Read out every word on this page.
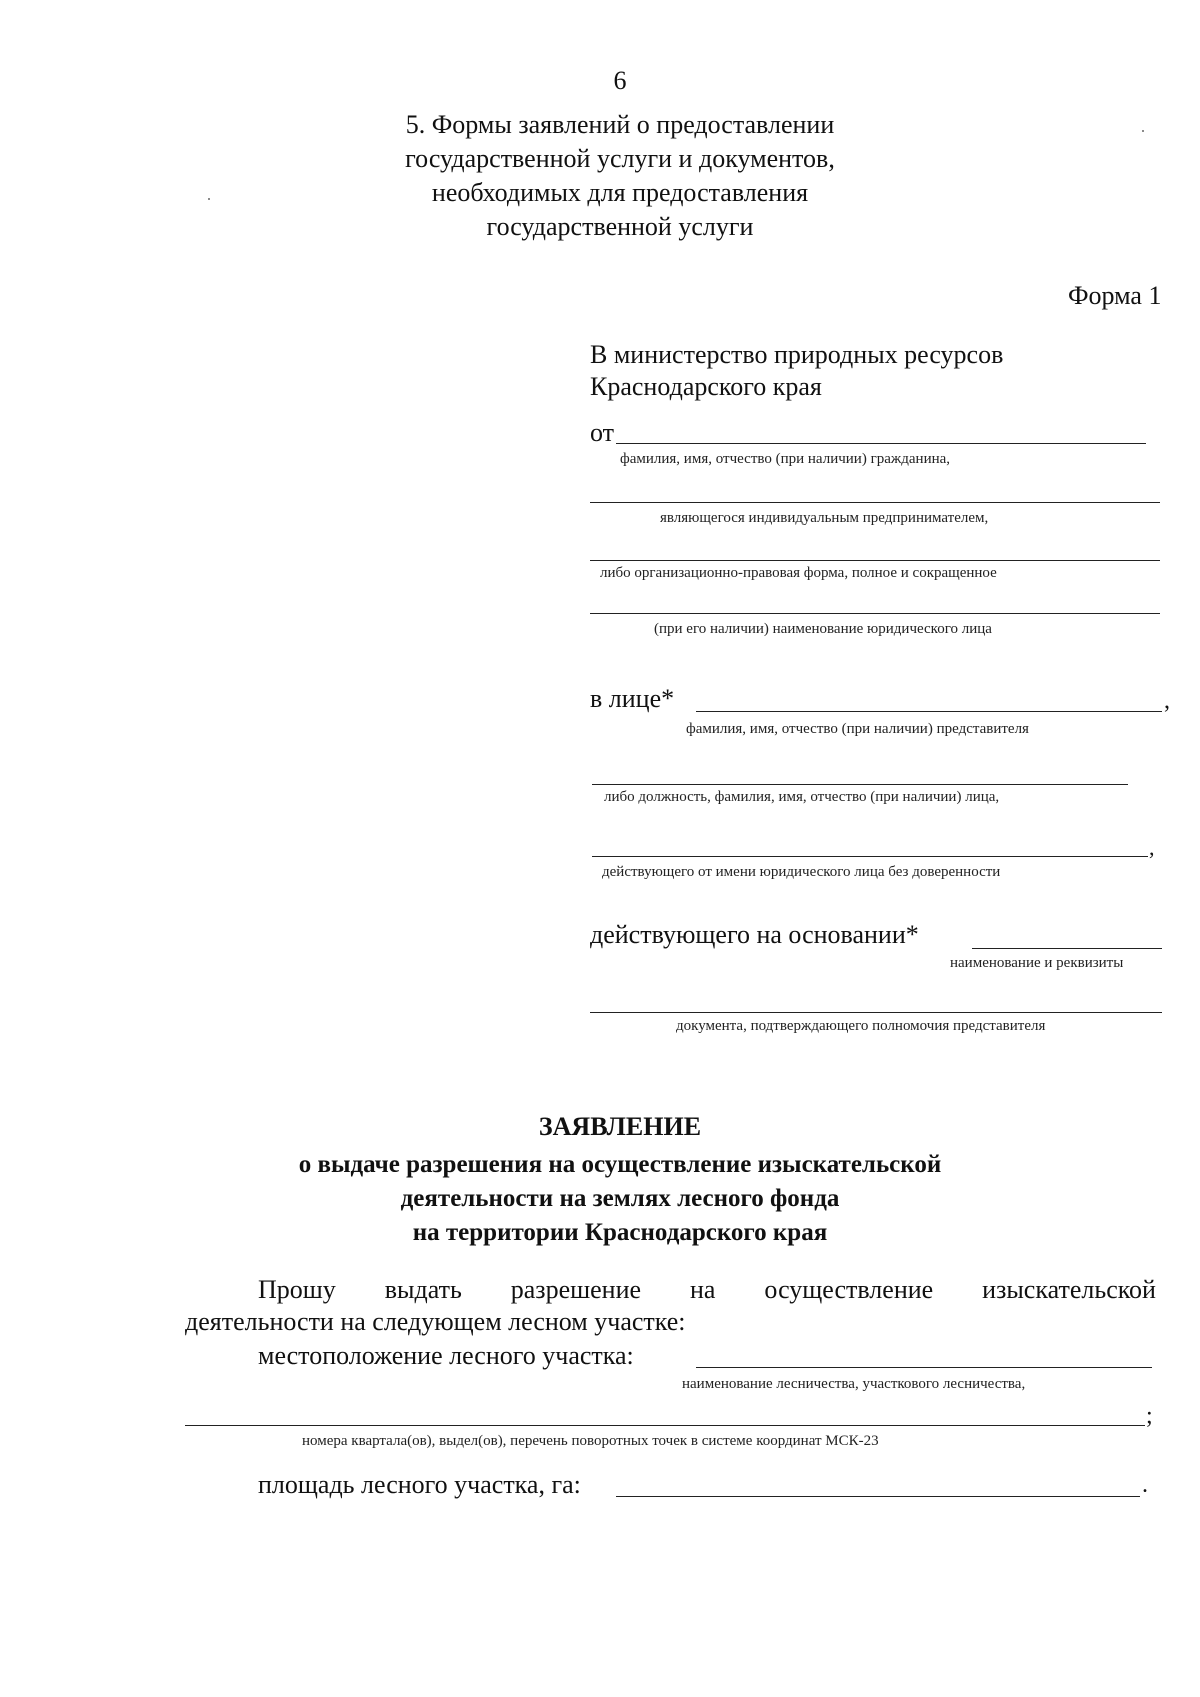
6
5. Формы заявлений о предоставлении
государственной услуги и документов,
необходимых для предоставления
государственной услуги
Форма 1
В министерство природных ресурсов
Краснодарского края
от
фамилия, имя, отчество (при наличии) гражданина,
являющегося индивидуальным предпринимателем,
либо организационно-правовая форма, полное и сокращенное
(при его наличии) наименование юридического лица
в лице*	,
фамилия, имя, отчество (при наличии) представителя
либо должность, фамилия, имя, отчество (при наличии) лица,
,
действующего от имени юридического лица без доверенности
действующего на основании*
наименование и реквизиты
документа, подтверждающего полномочия представителя
ЗАЯВЛЕНИЕ
о выдаче разрешения на осуществление изыскательской
деятельности на землях лесного фонда
на территории Краснодарского края
Прошу выдать разрешение на осуществление изыскательской
деятельности на следующем лесном участке:
местоположение лесного участка:
наименование лесничества, участкового лесничества,
;
номера квартала(ов), выдел(ов), перечень поворотных точек в системе координат МСК-23
площадь лесного участка, га:	.
